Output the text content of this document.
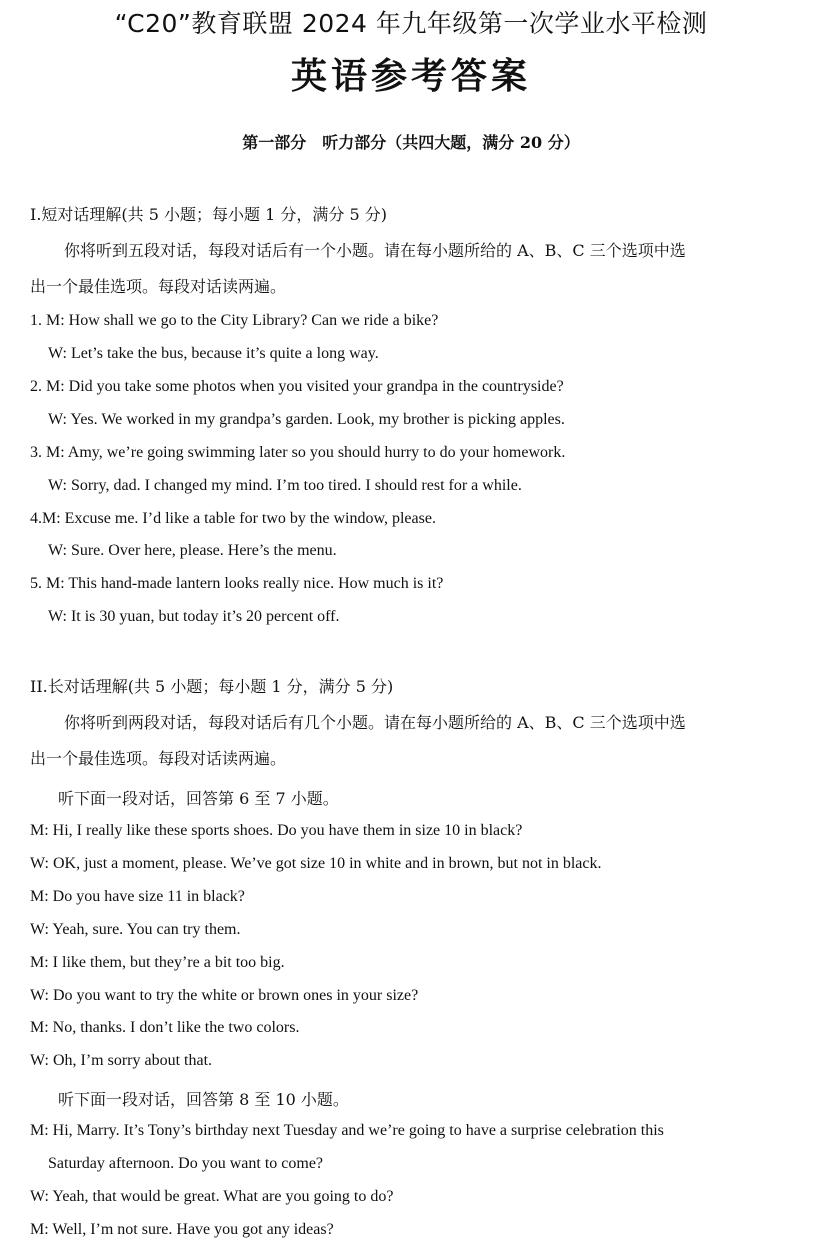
“C20”教育联盟 2024 年九年级第一次学业水平检测
英语参考答案
第一部分　听力部分（共四大题，满分 20 分）
I.短对话理解(共 5 小题；每小题 1 分，满分 5 分)
你将听到五段对话，每段对话后有一个小题。请在每小题所给的 A、B、C 三个选项中选
出一个最佳选项。每段对话读两遍。
1. M: How shall we go to the City Library? Can we ride a bike?
W: Let’s take the bus, because it’s quite a long way.
2. M: Did you take some photos when you visited your grandpa in the countryside?
W: Yes. We worked in my grandpa’s garden. Look, my brother is picking apples.
3. M: Amy, we’re going swimming later so you should hurry to do your homework.
W: Sorry, dad. I changed my mind. I’m too tired. I should rest for a while.
4.M: Excuse me. I’d like a table for two by the window, please.
W: Sure. Over here, please. Here’s the menu.
5. M: This hand-made lantern looks really nice. How much is it?
W: It is 30 yuan, but today it’s 20 percent off.
II.长对话理解(共 5 小题；每小题 1 分，满分 5 分)
你将听到两段对话，每段对话后有几个小题。请在每小题所给的 A、B、C 三个选项中选
出一个最佳选项。每段对话读两遍。
听下面一段对话，回答第 6 至 7 小题。
M: Hi, I really like these sports shoes. Do you have them in size 10 in black?
W: OK, just a moment, please. We’ve got size 10 in white and in brown, but not in black.
M: Do you have size 11 in black?
W: Yeah, sure. You can try them.
M: I like them, but they’re a bit too big.
W: Do you want to try the white or brown ones in your size?
M: No, thanks. I don’t like the two colors.
W: Oh, I’m sorry about that.
听下面一段对话，回答第 8 至 10 小题。
M: Hi, Marry. It’s Tony’s birthday next Tuesday and we’re going to have a surprise celebration this
Saturday afternoon. Do you want to come?
W: Yeah, that would be great. What are you going to do?
M: Well, I’m not sure. Have you got any ideas?
